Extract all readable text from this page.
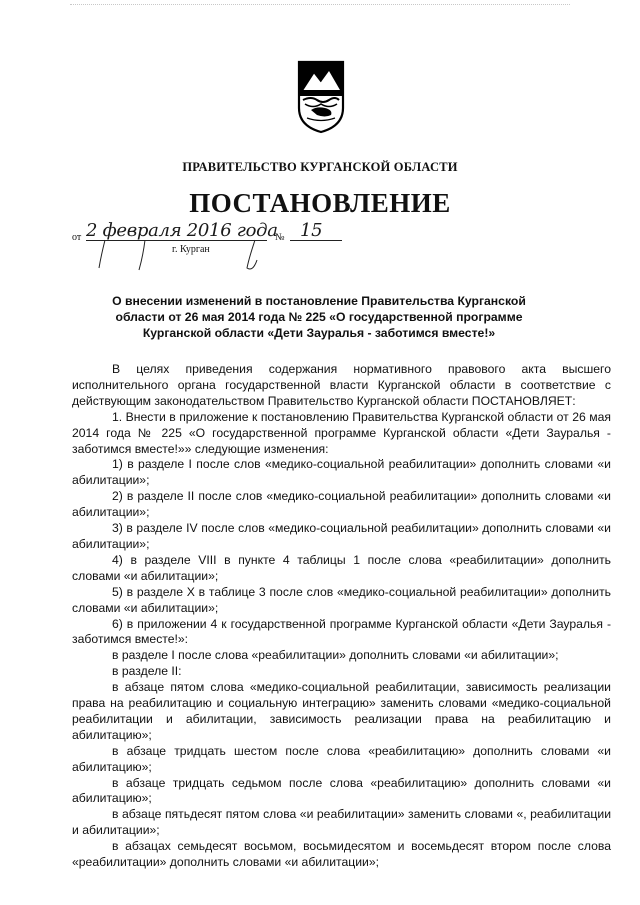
ПРАВИТЕЛЬСТВО КУРГАНСКОЙ ОБЛАСТИ
ПОСТАНОВЛЕНИЕ
от 2 февраля 2016 года
№ 15
г. Курган
О внесении изменений в постановление Правительства Курганской области от 26 мая 2014 года № 225 «О государственной программе Курганской области «Дети Зауралья - заботимся вместе!»

В целях приведения содержания нормативного правового акта высшего исполнительного органа государственной власти Курганской области в соответствие с действующим законодательством Правительство Курганской области ПОСТАНОВЛЯЕТ:

1. Внести в приложение к постановлению Правительства Курганской области от 26 мая 2014 года № 225 «О государственной программе Курганской области «Дети Зауралья - заботимся вместе!»» следующие изменения:

1) в разделе I после слов «медико-социальной реабилитации» дополнить словами «и абилитации»;

2) в разделе II после слов «медико-социальной реабилитации» дополнить словами «и абилитации»;

3) в разделе IV после слов «медико-социальной реабилитации» дополнить словами «и абилитации»;

4) в разделе VIII в пункте 4 таблицы 1 после слова «реабилитации» дополнить словами «и абилитации»;

5) в разделе X в таблице 3 после слов «медико-социальной реабилитации» дополнить словами «и абилитации»;

6) в приложении 4 к государственной программе Курганской области «Дети Зауралья - заботимся вместе!»:

в разделе I после слова «реабилитации» дополнить словами «и абилитации»;

в разделе II:

в абзаце пятом слова «медико-социальной реабилитации, зависимость реализации права на реабилитацию и социальную интеграцию» заменить словами «медико-социальной реабилитации и абилитации, зависимость реализации права на реабилитацию и абилитацию»;

в абзаце тридцать шестом после слова «реабилитацию» дополнить словами «и абилитацию»;

в абзаце тридцать седьмом после слова «реабилитацию» дополнить словами «и абилитацию»;

в абзаце пятьдесят пятом слова «и реабилитации» заменить словами «, реабилитации и абилитации»;

в абзацах семьдесят восьмом, восьмидесятом и восемьдесят втором после слова «реабилитации» дополнить словами «и абилитации»;
